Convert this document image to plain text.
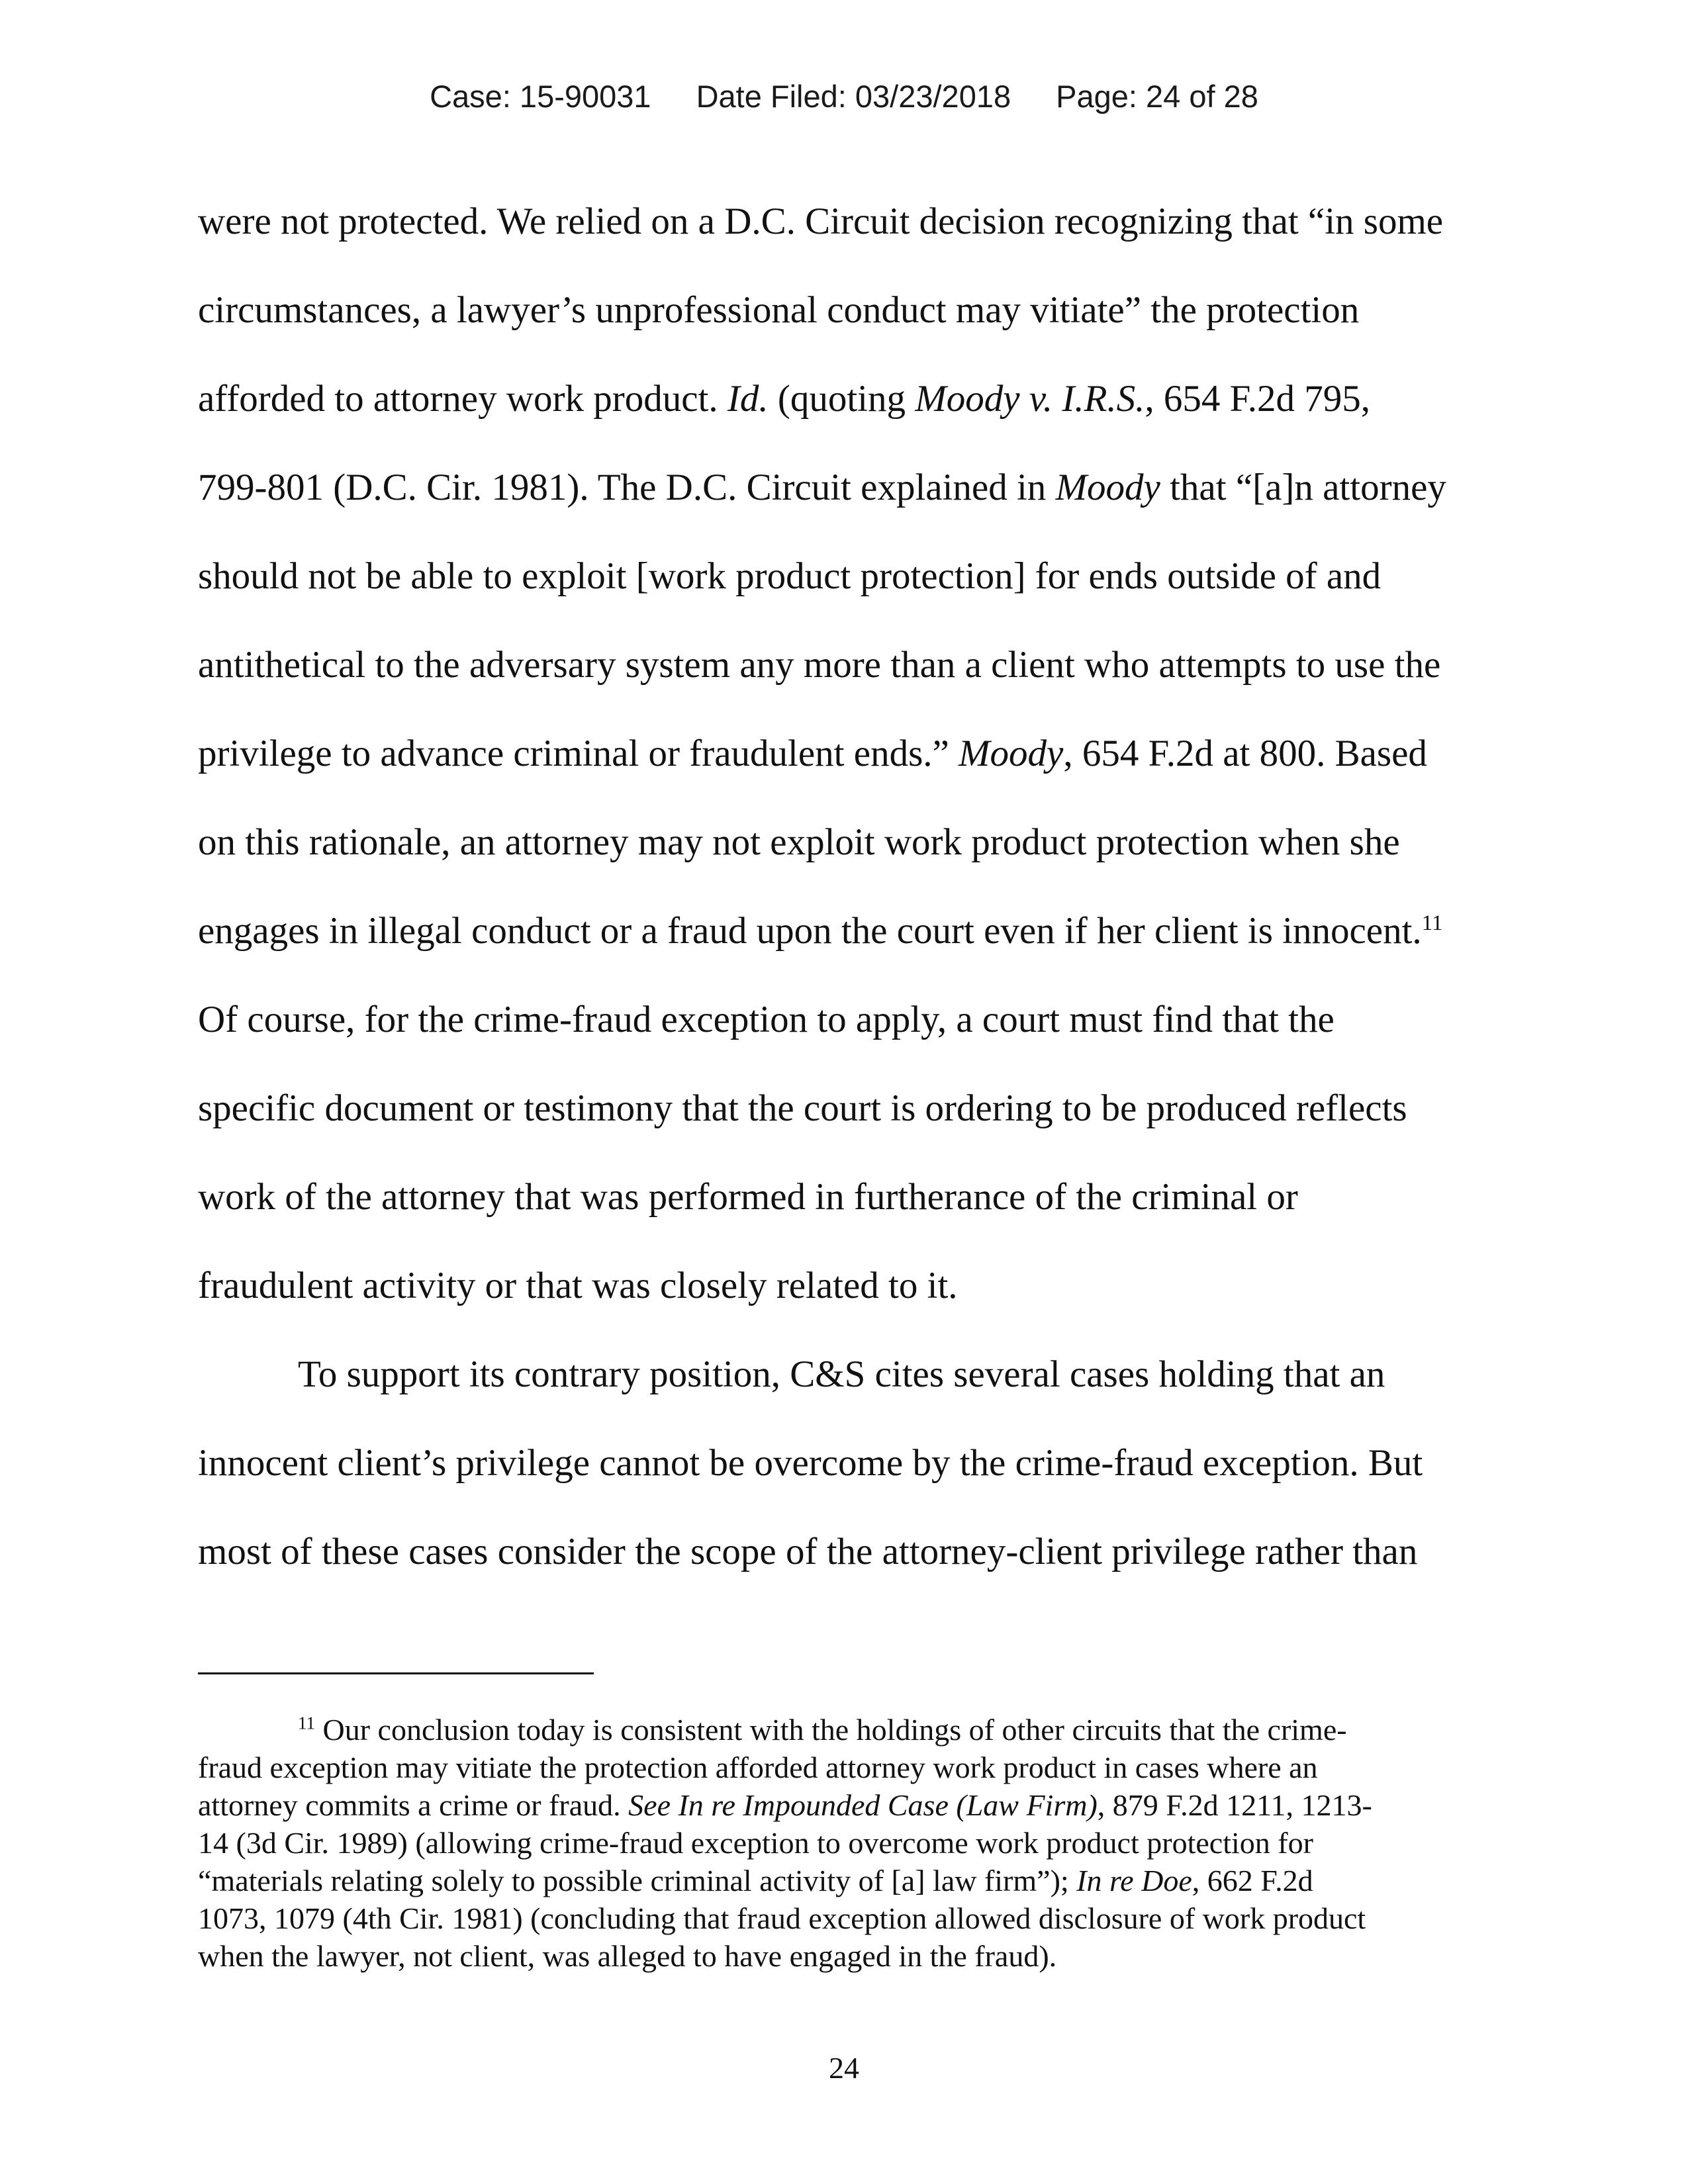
Case: 15-90031 Date Filed: 03/23/2018 Page: 24 of 28
were not protected. We relied on a D.C. Circuit decision recognizing that “in some
circumstances, a lawyer’s unprofessional conduct may vitiate” the protection
afforded to attorney work product. Id. (quoting Moody v. I.R.S., 654 F.2d 795,
799-801 (D.C. Cir. 1981). The D.C. Circuit explained in Moody that “[a]n attorney
should not be able to exploit [work product protection] for ends outside of and
antithetical to the adversary system any more than a client who attempts to use the
privilege to advance criminal or fraudulent ends.” Moody, 654 F.2d at 800. Based
on this rationale, an attorney may not exploit work product protection when she
engages in illegal conduct or a fraud upon the court even if her client is innocent.$^{11}$
Of course, for the crime-fraud exception to apply, a court must find that the
specific document or testimony that the court is ordering to be produced reflects
work of the attorney that was performed in furtherance of the criminal or
fraudulent activity or that was closely related to it.
To support its contrary position, C&S cites several cases holding that an
innocent client’s privilege cannot be overcome by the crime-fraud exception. But
most of these cases consider the scope of the attorney-client privilege rather than
$^{11}$ Our conclusion today is consistent with the holdings of other circuits that the crime-
fraud exception may vitiate the protection afforded attorney work product in cases where an
attorney commits a crime or fraud. See In re Impounded Case (Law Firm), 879 F.2d 1211, 1213-
14 (3d Cir. 1989) (allowing crime-fraud exception to overcome work product protection for
“materials relating solely to possible criminal activity of [a] law firm”); In re Doe, 662 F.2d
1073, 1079 (4th Cir. 1981) (concluding that fraud exception allowed disclosure of work product
when the lawyer, not client, was alleged to have engaged in the fraud).
24
